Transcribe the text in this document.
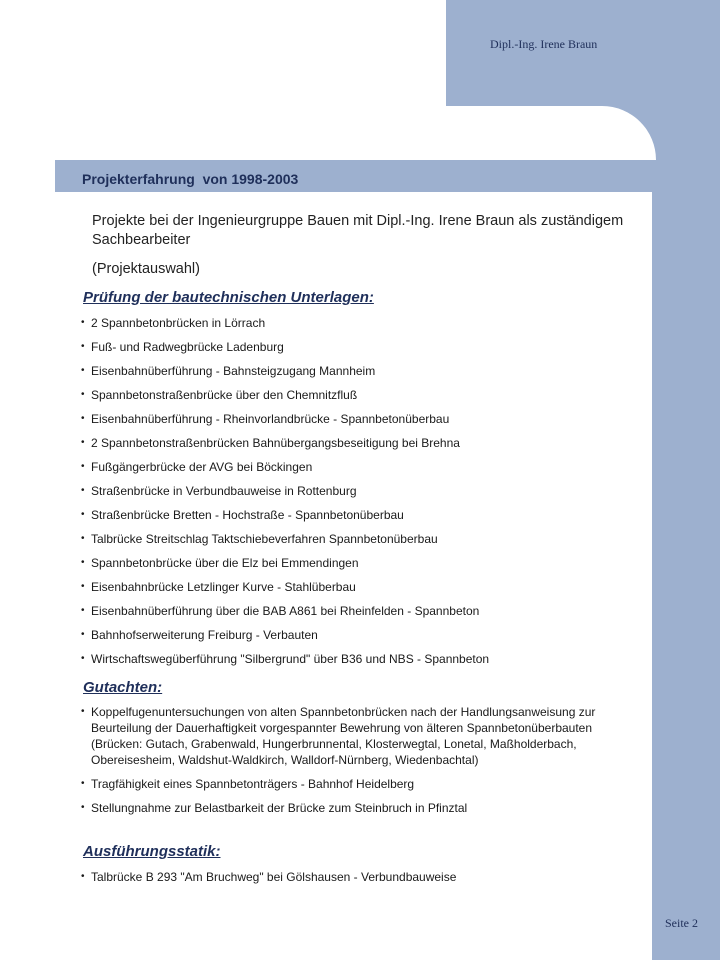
Dipl.-Ing. Irene Braun
Projekterfahrung  von 1998-2003
Projekte bei der Ingenieurgruppe Bauen mit Dipl.-Ing. Irene Braun als zuständigem Sachbearbeiter
(Projektauswahl)
Prüfung der bautechnischen Unterlagen:
• 2 Spannbetonbrücken in Lörrach
• Fuß- und Radwegbrücke Ladenburg
• Eisenbahnüberführung - Bahnsteigzugang Mannheim
• Spannbetonstraßenbrücke über den Chemnitzfluß
• Eisenbahnüberführung - Rheinvorlandbrücke - Spannbetonüberbau
• 2 Spannbetonstraßenbrücken Bahnübergangsbeseitigung bei Brehna
• Fußgängerbrücke der AVG bei Böckingen
• Straßenbrücke in Verbundbauweise in Rottenburg
• Straßenbrücke Bretten - Hochstraße - Spannbetonüberbau
• Talbrücke Streitschlag Taktschiebeverfahren Spannbetonüberbau
• Spannbetonbrücke über die Elz bei Emmendingen
• Eisenbahnbrücke Letzlinger Kurve - Stahlüberbau
• Eisenbahnüberführung über die BAB A861 bei Rheinfelden - Spannbeton
• Bahnhofserweiterung Freiburg - Verbauten
• Wirtschaftswegüberführung "Silbergrund" über B36 und NBS - Spannbeton
Gutachten:
• Koppelfugenuntersuchungen von alten Spannbetonbrücken nach der Handlungsanweisung zur Beurteilung der Dauerhaftigkeit vorgespannter Bewehrung von älteren Spannbetonüberbauten (Brücken: Gutach, Grabenwald, Hungerbrunnental, Klosterwegtal, Lonetal, Maßholderbach, Obereisesheim, Waldshut-Waldkirch, Walldorf-Nürnberg, Wiedenbachtal)
• Tragfähigkeit eines Spannbetonträgers - Bahnhof Heidelberg
• Stellungnahme zur Belastbarkeit der Brücke zum Steinbruch in Pfinztal
Ausführungsstatik:
• Talbrücke B 293 "Am Bruchweg" bei Gölshausen - Verbundbauweise
Seite 2
